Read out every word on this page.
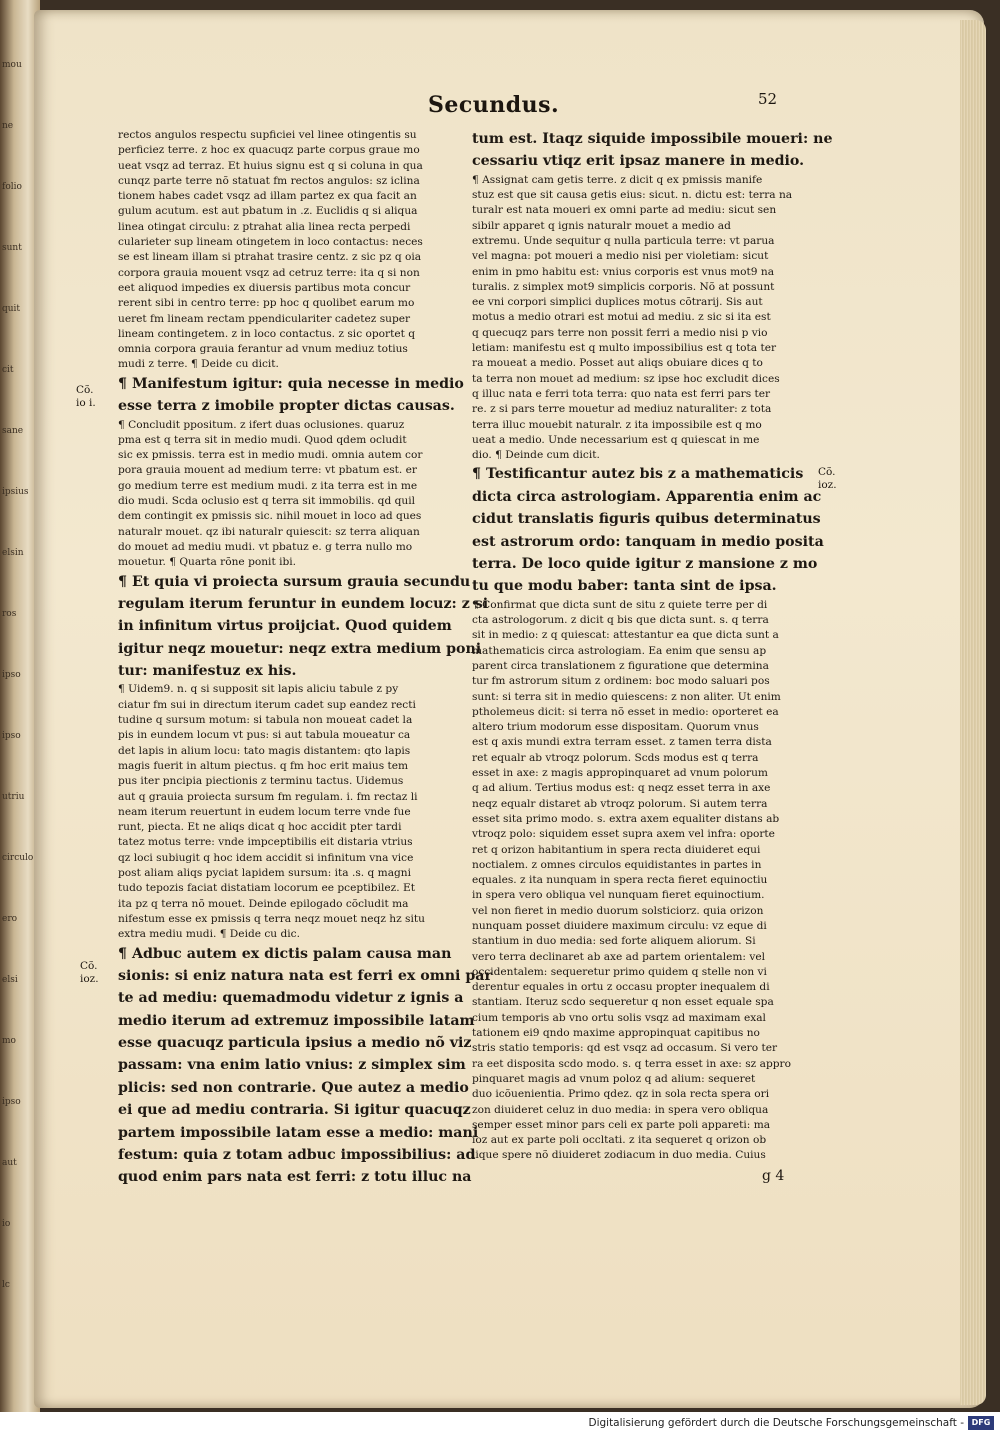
mou
ne
folio
sunt
quit
cit
sane
ipsius
elsin
ros
ipso
ipso
utriu
circulo
ero
elsi
mo
ipso
aut
io
lc
Secundus.	52
rectos angulos respectu supficiei vel linee otingentis su
perficiez terre. z hoc ex quacuqz parte corpus graue mo
ueat vsqz ad terraz. Et huius signu est q si coluna in qua
cunqz parte terre nõ statuat fm rectos angulos: sz iclina
tionem habes cadet vsqz ad illam partez ex qua facit an
gulum acutum. est aut pbatum in .z. Euclidis q si aliqua
linea otingat circulu: z ptrahat alia linea recta perpedi
cularieter sup lineam otingetem in loco contactus: neces
se est lineam illam si ptrahat trasire centz. z sic pz q oia
corpora grauia mouent vsqz ad cetruz terre: ita q si non
eet aliquod impedies ex diuersis partibus mota concur
rerent sibi in centro terre: pp hoc q quolibet earum mo
ueret fm lineam rectam ppendiculariter cadetez super
lineam contingetem. z in loco contactus. z sic oportet q
omnia corpora grauia ferantur ad vnum mediuz totius
mudi z terre. ¶ Deide cu dicit.
¶ Manifestum igitur: quia necesse in medio
esse terra z imobile propter dictas causas.
¶ Concludit ppositum. z ifert duas oclusiones. quaruz
pma est q terra sit in medio mudi. Quod qdem ocludit
sic ex pmissis. terra est in medio mudi. omnia autem cor
pora grauia mouent ad medium terre: vt pbatum est. er
go medium terre est medium mudi. z ita terra est in me
dio mudi. Scda oclusio est q terra sit immobilis. qd quil
dem contingit ex pmissis sic. nihil mouet in loco ad ques
naturalr mouet. qz ibi naturalr quiescit: sz terra aliquan
do mouet ad mediu mudi. vt pbatuz e. g terra nullo mo
mouetur. ¶ Quarta rõne ponit ibi.
¶ Et quia vi proiecta sursum grauia secundu
regulam iterum feruntur in eundem locuz: z si
in infinitum virtus proijciat. Quod quidem
igitur neqz mouetur: neqz extra medium poni
tur: manifestuz ex his.
¶ Uidem9. n. q si supposit sit lapis aliciu tabule z py
ciatur fm sui in directum iterum cadet sup eandez recti
tudine q sursum motum: si tabula non moueat cadet la
pis in eundem locum vt pus: si aut tabula moueatur ca
det lapis in alium locu: tato magis distantem: qto lapis
magis fuerit in altum piectus. q fm hoc erit maius tem
pus iter pncipia piectionis z terminu tactus. Uidemus
aut q grauia proiecta sursum fm regulam. i. fm rectaz li
neam iterum reuertunt in eudem locum terre vnde fue
runt, piecta. Et ne aliqs dicat q hoc accidit pter tardi
tatez motus terre: vnde impceptibilis eit distaria vtrius
qz loci subiugit q hoc idem accidit si infinitum vna vice
post aliam aliqs pyciat lapidem sursum: ita .s. q magni
tudo tepozis faciat distatiam locorum ee pceptibilez. Et
ita pz q terra nõ mouet. Deinde epilogado cõcludit ma
nifestum esse ex pmissis q terra neqz mouet neqz hz situ
extra mediu mudi. ¶ Deide cu dic.
¶ Adbuc autem ex dictis palam causa man
sionis: si eniz natura nata est ferri ex omni par
te ad mediu: quemadmodu videtur z ignis a
medio iterum ad extremuz impossibile latam
esse quacuqz particula ipsius a medio nõ viz
passam: vna enim latio vnius: z simplex sim
plicis: sed non contrarie. Que autez a medio
ei que ad mediu contraria. Si igitur quacuqz
partem impossibile latam esse a medio: mani
festum: quia z totam adbuc impossibilius: ad
quod enim pars nata est ferri: z totu illuc na
tum est. Itaqz siquide impossibile moueri: ne
cessariu vtiqz erit ipsaz manere in medio.
¶ Assignat cam getis terre. z dicit q ex pmissis manife
stuz est que sit causa getis eius: sicut. n. dictu est: terra na
turalr est nata moueri ex omni parte ad mediu: sicut sen
sibilr apparet q ignis naturalr mouet a medio ad
extremu. Unde sequitur q nulla particula terre: vt parua
vel magna: pot moueri a medio nisi per violetiam: sicut
enim in pmo habitu est: vnius corporis est vnus mot9 na
turalis. z simplex mot9 simplicis corporis. Nõ at possunt
ee vni corpori simplici duplices motus cõtrarij. Sis aut
motus a medio otrari est motui ad mediu. z sic si ita est
q quecuqz pars terre non possit ferri a medio nisi p vio
letiam: manifestu est q multo impossibilius est q tota ter
ra moueat a medio. Posset aut aliqs obuiare dices q to
ta terra non mouet ad medium: sz ipse hoc excludit dices
q illuc nata e ferri tota terra: quo nata est ferri pars ter
re. z si pars terre mouetur ad mediuz naturaliter: z tota
terra illuc mouebit naturalr. z ita impossibile est q mo
ueat a medio. Unde necessarium est q quiescat in me
dio. ¶ Deinde cum dicit.
¶ Testificantur autez bis z a mathematicis
dicta circa astrologiam. Apparentia enim ac
cidut translatis figuris quibus determinatus
est astrorum ordo: tanquam in medio posita
terra. De loco quide igitur z mansione z mo
tu que modu baber: tanta sint de ipsa.
¶ Confirmat que dicta sunt de situ z quiete terre per di
cta astrologorum. z dicit q bis que dicta sunt. s. q terra
sit in medio: z q quiescat: attestantur ea que dicta sunt a
mathematicis circa astrologiam. Ea enim que sensu ap
parent circa translationem z figuratione que determina
tur fm astrorum situm z ordinem: boc modo saluari pos
sunt: si terra sit in medio quiescens: z non aliter. Ut enim
ptholemeus dicit: si terra nõ esset in medio: oporteret ea
altero trium modorum esse dispositam. Quorum vnus
est q axis mundi extra terram esset. z tamen terra dista
ret equalr ab vtroqz polorum. Scds modus est q terra
esset in axe: z magis appropinquaret ad vnum polorum
q ad alium. Tertius modus est: q neqz esset terra in axe
neqz equalr distaret ab vtroqz polorum. Si autem terra
esset sita primo modo. s. extra axem equaliter distans ab
vtroqz polo: siquidem esset supra axem vel infra: oporte
ret q orizon habitantium in spera recta diuideret equi
noctialem. z omnes circulos equidistantes in partes in
equales. z ita nunquam in spera recta fieret equinoctiu
in spera vero obliqua vel nunquam fieret equinoctium.
vel non fieret in medio duorum solsticiorz. quia orizon
nunquam posset diuidere maximum circulu: vz eque di
stantium in duo media: sed forte aliquem aliorum. Si
vero terra declinaret ab axe ad partem orientalem: vel
occidentalem: sequeretur primo quidem q stelle non vi
derentur equales in ortu z occasu propter inequalem di
stantiam. Iteruz scdo sequeretur q non esset equale spa
cium temporis ab vno ortu solis vsqz ad maximam exal
tationem ei9 qndo maxime appropinquat capitibus no
stris statio temporis: qd est vsqz ad occasum. Si vero ter
ra eet disposita scdo modo. s. q terra esset in axe: sz appro
pinquaret magis ad vnum poloz q ad alium: sequeret
duo icõuenientia. Primo qdez. qz in sola recta spera ori
zon diuideret celuz in duo media: in spera vero obliqua
semper esset minor pars celi ex parte poli appareti: ma
ioz aut ex parte poli occltati. z ita sequeret q orizon ob
lique spere nõ diuideret zodiacum in duo media. Cuius
Cõ.
io i.
Cõ.
ioz.
Cõ.
ioz.
g 4
Digitalisierung gefördert durch die Deutsche Forschungsgemeinschaft - DFG
